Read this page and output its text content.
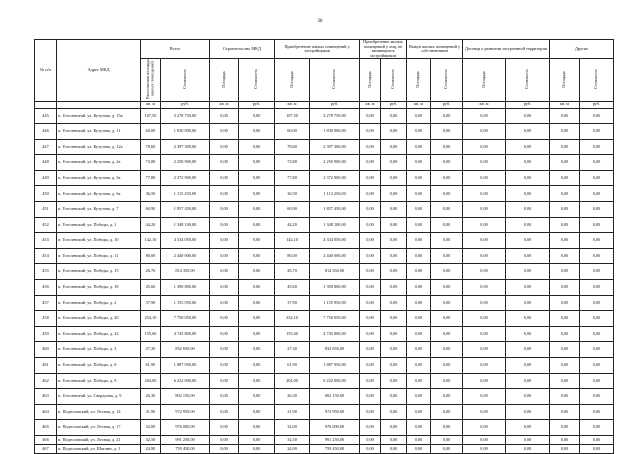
38
№ п/п	Адрес МКД	Всего		Строительство МКД		Приобретение жилых помещений у застройщиков		Приобретение жилых помещений у лиц, не являющихся застройщиком		Выкуп жилых помещений у собственников		Договор о развитии застроенной территории		Другие	
		Расселяемая площадь жилых помещений	Стоимость	Площадь	Стоимость	Площадь	Стоимость	Площадь	Стоимость	Площадь	Стоимость	Площадь	Стоимость	Площадь	Стоимость
		кв. м	руб.	кв. м	руб.	кв. м	руб.	кв. м	руб.	кв. м	руб.	кв. м	руб.	кв. м	руб.
445	п. Гоголевский, ул. Кутузова, д. 15а	107,50	3 278 750,00	0,00	0,00	107,50	3 278 750,00	0,00	0,00	0,00	0,00	0,00	0,00	0,00	0,00
446	п. Гоголевский, ул. Кутузова, д. 11	60,00	1 830 000,00	0,00	0,00	60,00	1 830 000,00	0,00	0,00	0,00	0,00	0,00	0,00	0,00	0,00
447	п. Гоголевский, ул. Кутузова, д. 12а	78,60	2 397 300,00	0,00	0,00	78,60	2 397 300,00	0,00	0,00	0,00	0,00	0,00	0,00	0,00	0,00
448	п. Гоголевский, ул. Кутузова, д. 2а	73,80	2 250 900,00	0,00	0,00	73,80	2 250 900,00	0,00	0,00	0,00	0,00	0,00	0,00	0,00	0,00
449	п. Гоголевский, ул. Кутузова, д. 3а	77,80	2 372 900,00	0,00	0,00	77,80	2 372 900,00	0,00	0,00	0,00	0,00	0,00	0,00	0,00	0,00
450	п. Гоголевский, ул. Кутузова, д. 6а	36,50	1 113 250,00	0,00	0,00	36,50	1 113 250,00	0,00	0,00	0,00	0,00	0,00	0,00	0,00	0,00
451	п. Гоголевский, ул. Кутузова, д. 7	60,90	1 857 450,00	0,00	0,00	60,90	1 857 450,00	0,00	0,00	0,00	0,00	0,00	0,00	0,00	0,00
452	п. Гоголевский, ул. Победы, д. 1	44,20	1 348 100,00	0,00	0,00	44,20	1 348 100,00	0,00	0,00	0,00	0,00	0,00	0,00	0,00	0,00
453	п. Гоголевский, ул. Победы, д. 10	142,10	4 334 050,00	0,00	0,00	142,10	4 334 050,00	0,00	0,00	0,00	0,00	0,00	0,00	0,00	0,00
454	п. Гоголевский, ул. Победы, д. 11	80,00	2 440 000,00	0,00	0,00	80,00	2 440 000,00	0,00	0,00	0,00	0,00	0,00	0,00	0,00	0,00
455	п. Гоголевский, ул. Победы, д. 15	26,70	814 350,00	0,00	0,00	26,70	814 350,00	0,00	0,00	0,00	0,00	0,00	0,00	0,00	0,00
456	п. Гоголевский, ул. Победы, д. 18	45,60	1 390 800,00	0,00	0,00	45,60	1 390 800,00	0,00	0,00	0,00	0,00	0,00	0,00	0,00	0,00
457	п. Гоголевский, ул. Победы, д. 2	37,90	1 155 950,00	0,00	0,00	37,90	1 155 950,00	0,00	0,00	0,00	0,00	0,00	0,00	0,00	0,00
458	п. Гоголевский, ул. Победы, д. 20	254,10	7 750 050,00	0,00	0,00	254,10	7 750 050,00	0,00	0,00	0,00	0,00	0,00	0,00	0,00	0,00
459	п. Гоголевский, ул. Победы, д. 22	155,60	4 745 800,00	0,00	0,00	155,60	4 745 800,00	0,00	0,00	0,00	0,00	0,00	0,00	0,00	0,00
460	п. Гоголевский, ул. Победы, д. 3	27,30	832 650,00	0,00	0,00	27,30	832 650,00	0,00	0,00	0,00	0,00	0,00	0,00	0,00	0,00
461	п. Гоголевский, ул. Победы, д. 6	61,90	1 887 950,00	0,00	0,00	61,90	1 887 950,00	0,00	0,00	0,00	0,00	0,00	0,00	0,00	0,00
462	п. Гоголевский, ул. Победы, д. 9	204,00	6 222 000,00	0,00	0,00	204,00	6 222 000,00	0,00	0,00	0,00	0,00	0,00	0,00	0,00	0,00
463	п. Гоголевский, ул. Свердлова, д. 9	26,30	802 150,00	0,00	0,00	26,30	802 150,00	0,00	0,00	0,00	0,00	0,00	0,00	0,00	0,00
464	п. Подголовский, ул. Лесная, д. 14	31,90	972 950,00	0,00	0,00	31,90	972 950,00	0,00	0,00	0,00	0,00	0,00	0,00	0,00	0,00
465	п. Подголовский, ул. Лесная, д. 17	32,00	976 000,00	0,00	0,00	32,00	976 000,00	0,00	0,00	0,00	0,00	0,00	0,00	0,00	0,00
466	п. Подголовский, ул. Лесная, д. 21	32,50	991 250,00	0,00	0,00	32,50	991 250,00	0,00	0,00	0,00	0,00	0,00	0,00	0,00	0,00
467	п. Подголовский, ул. Шатчин, д. 1	24,90	759 450,00	0,00	0,00	24,90	759 450,00	0,00	0,00	0,00	0,00	0,00	0,00	0,00	0,00
